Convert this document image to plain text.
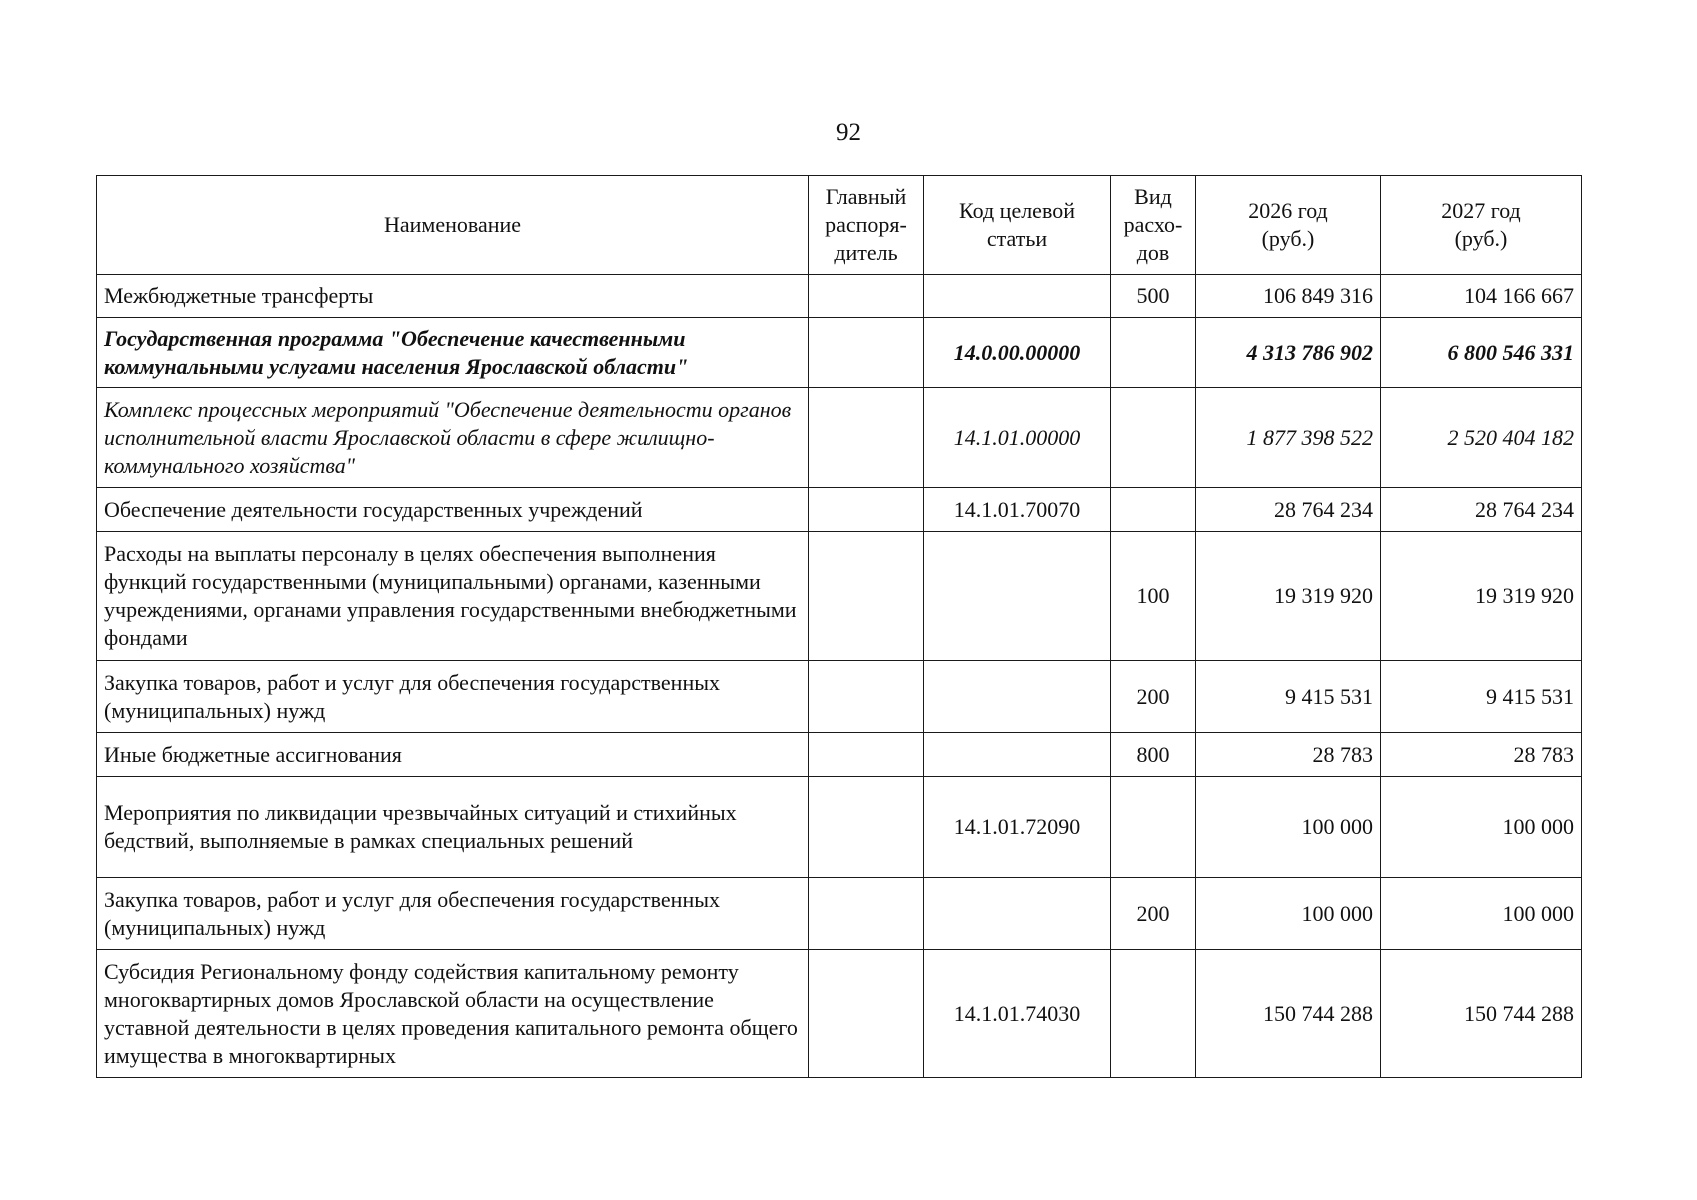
92
Наименование	Главный
распоря-
дитель	Код целевой
статьи	Вид
расхо-
дов	2026 год
(руб.)	2027 год
(руб.)

Межбюджетные трансферты			500	106 849 316	104 166 667
Государственная программа "Обеспечение качественными коммунальными услугами населения Ярославской области"		14.0.00.00000		4 313 786 902	6 800 546 331
Комплекс процессных мероприятий "Обеспечение деятельности органов исполнительной власти Ярославской области в сфере жилищно-коммунального хозяйства"		14.1.01.00000		1 877 398 522	2 520 404 182
Обеспечение деятельности государственных учреждений		14.1.01.70070		28 764 234	28 764 234
Расходы на выплаты персоналу в целях обеспечения выполнения функций государственными (муниципальными) органами, казенными учреждениями, органами управления государственными внебюджетными фондами			100	19 319 920	19 319 920
Закупка товаров, работ и услуг для обеспечения государственных (муниципальных) нужд			200	9 415 531	9 415 531
Иные бюджетные ассигнования			800	28 783	28 783
Мероприятия по ликвидации чрезвычайных ситуаций и стихийных бедствий, выполняемые в рамках специальных решений		14.1.01.72090		100 000	100 000
Закупка товаров, работ и услуг для обеспечения государственных (муниципальных) нужд			200	100 000	100 000
Субсидия Региональному фонду содействия капитальному ремонту многоквартирных домов Ярославской области на осуществление уставной деятельности в целях проведения капитального ремонта общего имущества в многоквартирных		14.1.01.74030		150 744 288	150 744 288
